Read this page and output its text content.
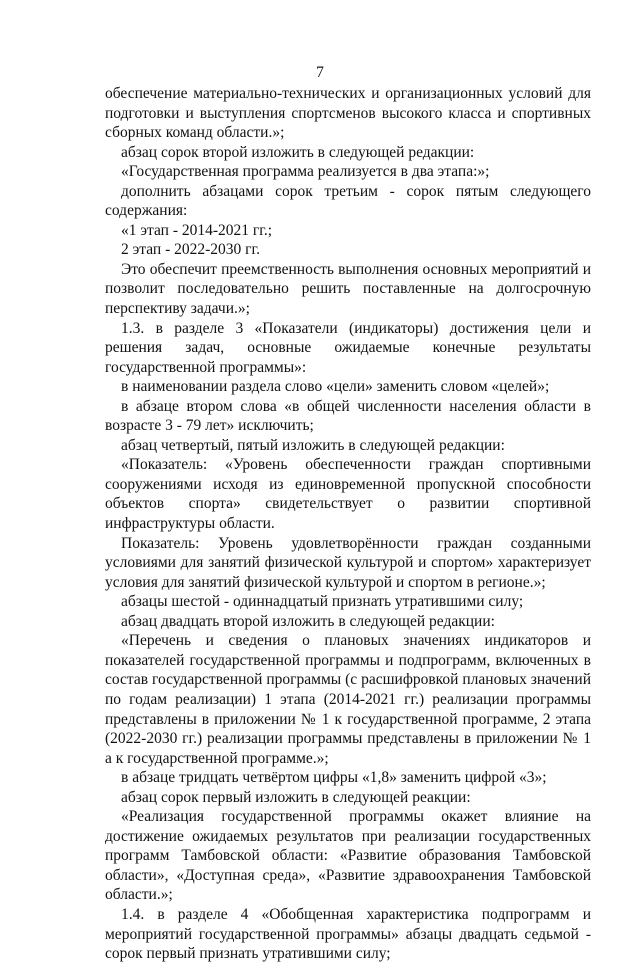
7

обеспечение материально-технических и организационных условий для подготовки и выступления спортсменов высокого класса и спортивных сборных команд области.»;

абзац сорок второй изложить в следующей редакции:

«Государственная программа реализуется в два этапа:»;

дополнить абзацами сорок третьим - сорок пятым следующего содержания:

«1 этап - 2014-2021 гг.;

2 этап - 2022-2030 гг.

Это обеспечит преемственность выполнения основных мероприятий и позволит последовательно решить поставленные на долгосрочную перспективу задачи.»;

1.3. в разделе 3 «Показатели (индикаторы) достижения цели и решения задач, основные ожидаемые конечные результаты государственной программы»:

в наименовании раздела слово «цели» заменить словом «целей»;

в абзаце втором слова «в общей численности населения области в возрасте 3 - 79 лет» исключить;

абзац четвертый, пятый изложить в следующей редакции:

«Показатель: «Уровень обеспеченности граждан спортивными сооружениями исходя из единовременной пропускной способности объектов спорта» свидетельствует о развитии спортивной инфраструктуры области.

Показатель: Уровень удовлетворённости граждан созданными условиями для занятий физической культурой и спортом» характеризует условия для занятий физической культурой и спортом в регионе.»;

абзацы шестой - одиннадцатый признать утратившими силу;

абзац двадцать второй изложить в следующей редакции:

«Перечень и сведения о плановых значениях индикаторов и показателей государственной программы и подпрограмм, включенных в состав государственной программы (с расшифровкой плановых значений по годам реализации) 1 этапа (2014-2021 гг.) реализации программы представлены в приложении № 1 к государственной программе, 2 этапа (2022-2030 гг.) реализации программы представлены в приложении № 1 а к государственной программе.»;

в абзаце тридцать четвёртом цифры «1,8» заменить цифрой «3»;

абзац сорок первый изложить в следующей реакции:

«Реализация государственной программы окажет влияние на достижение ожидаемых результатов при реализации государственных программ Тамбовской области: «Развитие образования Тамбовской области», «Доступная среда», «Развитие здравоохранения Тамбовской области.»;

1.4. в разделе 4 «Обобщенная характеристика подпрограмм и мероприятий государственной программы» абзацы двадцать седьмой - сорок первый признать утратившими силу;
